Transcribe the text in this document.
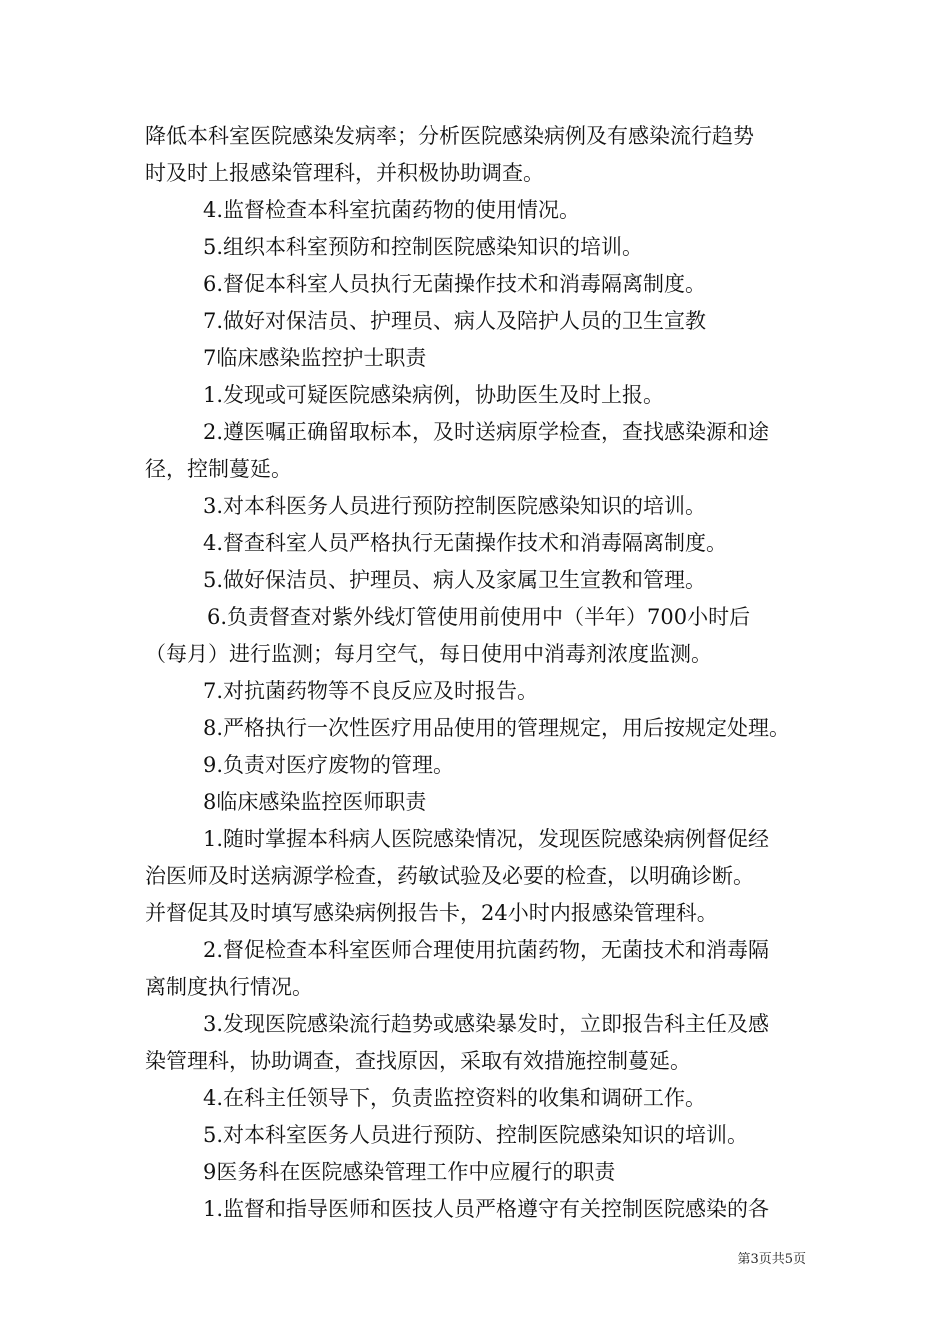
降低本科室医院感染发病率；分析医院感染病例及有感染流行趋势
时及时上报感染管理科，并积极协助调查。
4.监督检查本科室抗菌药物的使用情况。
5.组织本科室预防和控制医院感染知识的培训。
6.督促本科室人员执行无菌操作技术和消毒隔离制度。
7.做好对保洁员、护理员、病人及陪护人员的卫生宣教
7临床感染监控护士职责
1.发现或可疑医院感染病例，协助医生及时上报。
2.遵医嘱正确留取标本，及时送病原学检查，查找感染源和途
径，控制蔓延。
3.对本科医务人员进行预防控制医院感染知识的培训。
4.督查科室人员严格执行无菌操作技术和消毒隔离制度。
5.做好保洁员、护理员、病人及家属卫生宣教和管理。
6.负责督查对紫外线灯管使用前使用中（半年）700小时后
（每月）进行监测；每月空气，每日使用中消毒剂浓度监测。
7.对抗菌药物等不良反应及时报告。
8.严格执行一次性医疗用品使用的管理规定，用后按规定处理。
9.负责对医疗废物的管理。
8临床感染监控医师职责
1.随时掌握本科病人医院感染情况，发现医院感染病例督促经
治医师及时送病源学检查，药敏试验及必要的检查，以明确诊断。
并督促其及时填写感染病例报告卡，24小时内报感染管理科。
2.督促检查本科室医师合理使用抗菌药物，无菌技术和消毒隔
离制度执行情况。
3.发现医院感染流行趋势或感染暴发时，立即报告科主任及感
染管理科，协助调查，查找原因，采取有效措施控制蔓延。
4.在科主任领导下，负责监控资料的收集和调研工作。
5.对本科室医务人员进行预防、控制医院感染知识的培训。
9医务科在医院感染管理工作中应履行的职责
1.监督和指导医师和医技人员严格遵守有关控制医院感染的各
第3页共5页
